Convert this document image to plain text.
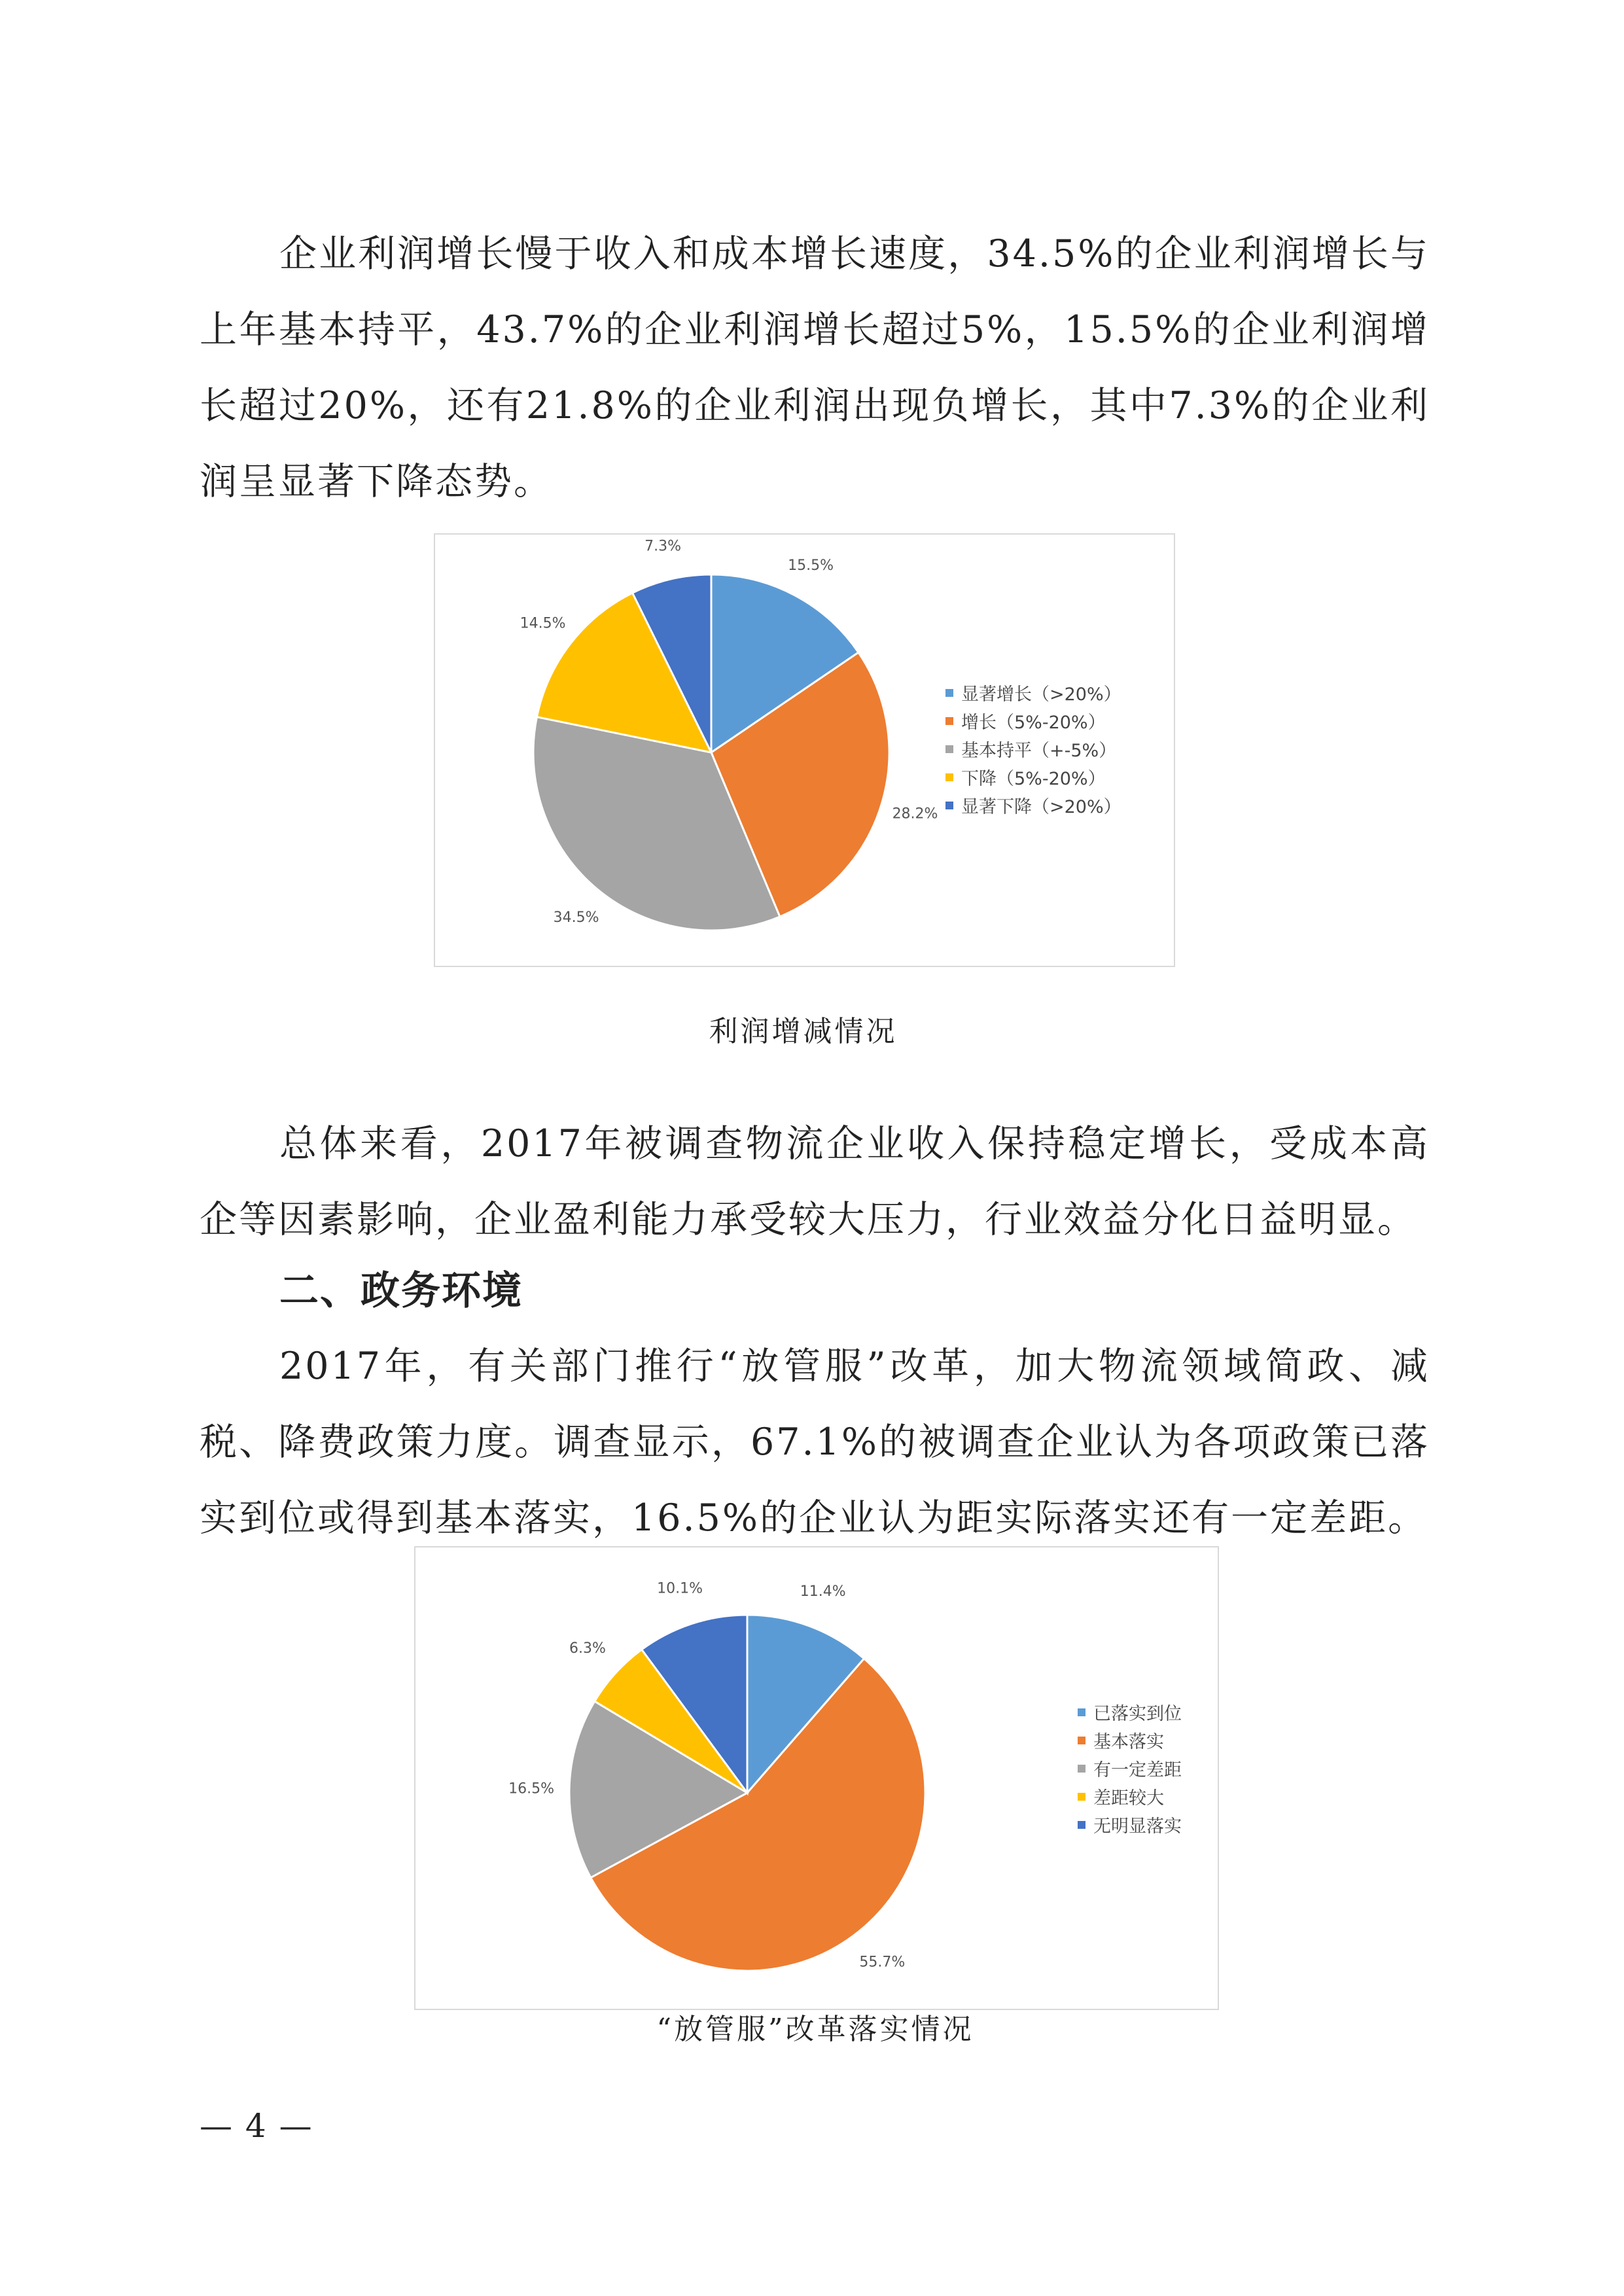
企业利润增长慢于收入和成本增长速度，34.5%的企业利润增长与上年基本持平，43.7%的企业利润增长超过5%，15.5%的企业利润增长超过20%，还有21.8%的企业利润出现负增长，其中7.3%的企业利润呈显著下降态势。

15.5%
28.2%
34.5%
14.5%
7.3%
显著增长（>20%）
增长（5%-20%）
基本持平（+-5%）
下降（5%-20%）
显著下降（>20%）

利润增减情况

总体来看，2017年被调查物流企业收入保持稳定增长，受成本高企等因素影响，企业盈利能力承受较大压力，行业效益分化日益明显。

二、政务环境

2017年，有关部门推行“放管服”改革，加大物流领域简政、减税、降费政策力度。调查显示，67.1%的被调查企业认为各项政策已落实到位或得到基本落实，16.5%的企业认为距实际落实还有一定差距。

11.4%
55.7%
16.5%
6.3%
10.1%
已落实到位
基本落实
有一定差距
差距较大
无明显落实

“放管服”改革落实情况

— 4 —
